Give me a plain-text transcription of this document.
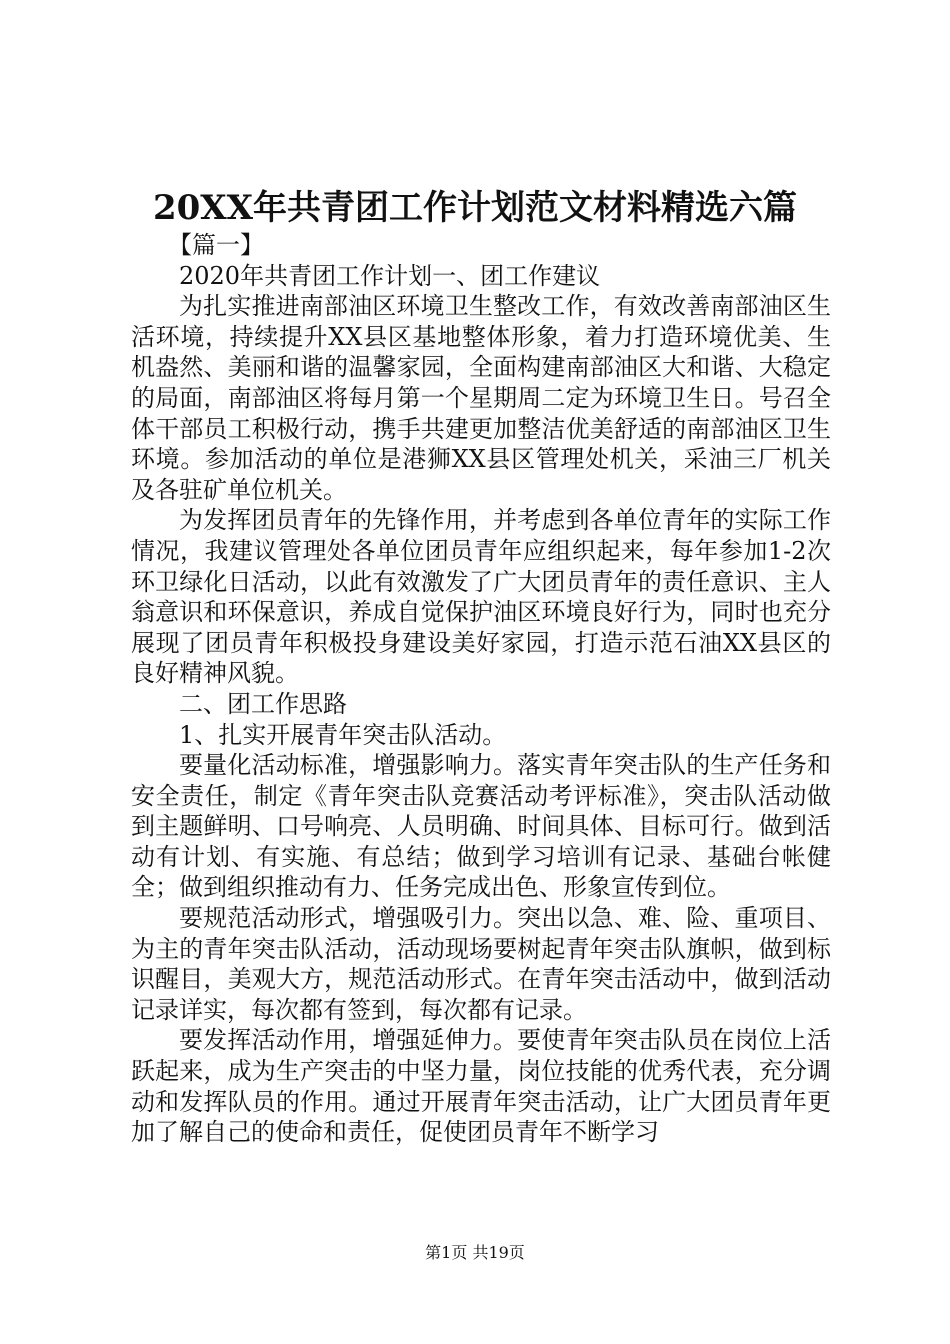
20XX年共青团工作计划范文材料精选六篇

【篇一】

2020年共青团工作计划一、团工作建议

为扎实推进南部油区环境卫生整改工作，有效改善南部油区生活环境，持续提升XX县区基地整体形象，着力打造环境优美、生机盎然、美丽和谐的温馨家园，全面构建南部油区大和谐、大稳定的局面，南部油区将每月第一个星期周二定为环境卫生日。号召全体干部员工积极行动，携手共建更加整洁优美舒适的南部油区卫生环境。参加活动的单位是港狮XX县区管理处机关，采油三厂机关及各驻矿单位机关。

为发挥团员青年的先锋作用，并考虑到各单位青年的实际工作情况，我建议管理处各单位团员青年应组织起来，每年参加1-2次环卫绿化日活动，以此有效激发了广大团员青年的责任意识、主人翁意识和环保意识，养成自觉保护油区环境良好行为，同时也充分展现了团员青年积极投身建设美好家园，打造示范石油XX县区的良好精神风貌。

二、团工作思路

1、扎实开展青年突击队活动。

要量化活动标准，增强影响力。落实青年突击队的生产任务和安全责任，制定《青年突击队竞赛活动考评标准》，突击队活动做到主题鲜明、口号响亮、人员明确、时间具体、目标可行。做到活动有计划、有实施、有总结；做到学习培训有记录、基础台帐健全；做到组织推动有力、任务完成出色、形象宣传到位。

要规范活动形式，增强吸引力。突出以急、难、险、重项目、为主的青年突击队活动，活动现场要树起青年突击队旗帜，做到标识醒目，美观大方，规范活动形式。在青年突击活动中，做到活动记录详实，每次都有签到，每次都有记录。

要发挥活动作用，增强延伸力。要使青年突击队员在岗位上活跃起来，成为生产突击的中坚力量，岗位技能的优秀代表，充分调动和发挥队员的作用。通过开展青年突击活动，让广大团员青年更加了解自己的使命和责任，促使团员青年不断学习

第1页 共19页
